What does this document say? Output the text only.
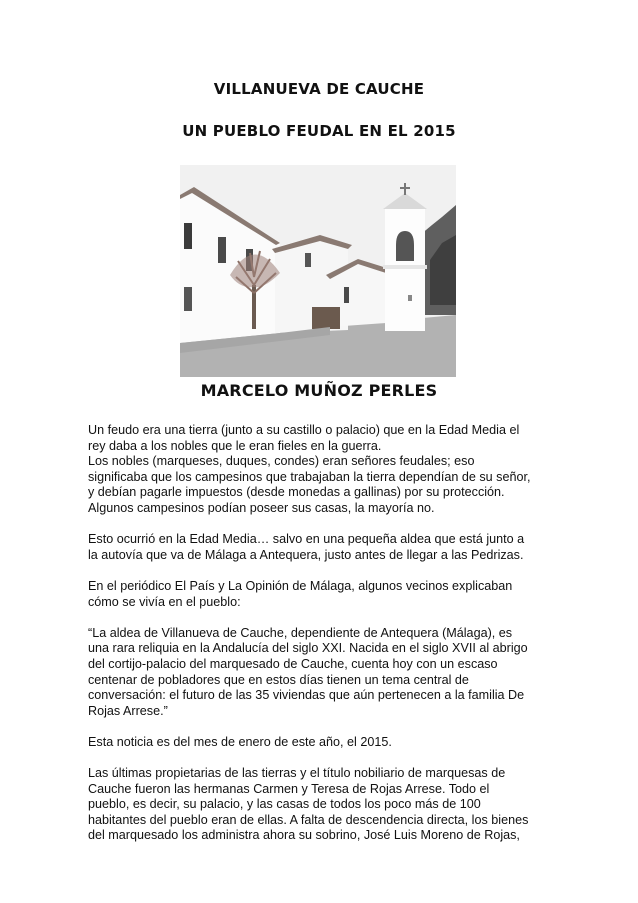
VILLANUEVA DE CAUCHE
UN PUEBLO FEUDAL EN EL 2015
MARCELO MUÑOZ PERLES

Un feudo era una tierra (junto a su castillo o palacio) que en la Edad Media el
rey daba a los nobles que le eran fieles en la guerra.
Los nobles (marqueses, duques, condes) eran señores feudales; eso
significaba que los campesinos que trabajaban la tierra dependían de su señor,
y debían pagarle impuestos (desde monedas a gallinas) por su protección.
Algunos campesinos podían poseer sus casas, la mayoría no.

Esto ocurrió en la Edad Media… salvo en una pequeña aldea que está junto a
la autovía que va de Málaga a Antequera, justo antes de llegar a las Pedrizas.

En el periódico El País y La Opinión de Málaga, algunos vecinos explicaban
cómo se vivía en el pueblo:

“La aldea de Villanueva de Cauche, dependiente de Antequera (Málaga), es
una rara reliquia en la Andalucía del siglo XXI. Nacida en el siglo XVII al abrigo
del cortijo-palacio del marquesado de Cauche, cuenta hoy con un escaso
centenar de pobladores que en estos días tienen un tema central de
conversación: el futuro de las 35 viviendas que aún pertenecen a la familia De
Rojas Arrese.”

Esta noticia es del mes de enero de este año, el 2015.

Las últimas propietarias de las tierras y el título nobiliario de marquesas de
Cauche fueron las hermanas Carmen y Teresa de Rojas Arrese. Todo el
pueblo, es decir, su palacio, y las casas de todos los poco más de 100
habitantes del pueblo eran de ellas. A falta de descendencia directa, los bienes
del marquesado los administra ahora su sobrino, José Luis Moreno de Rojas,
